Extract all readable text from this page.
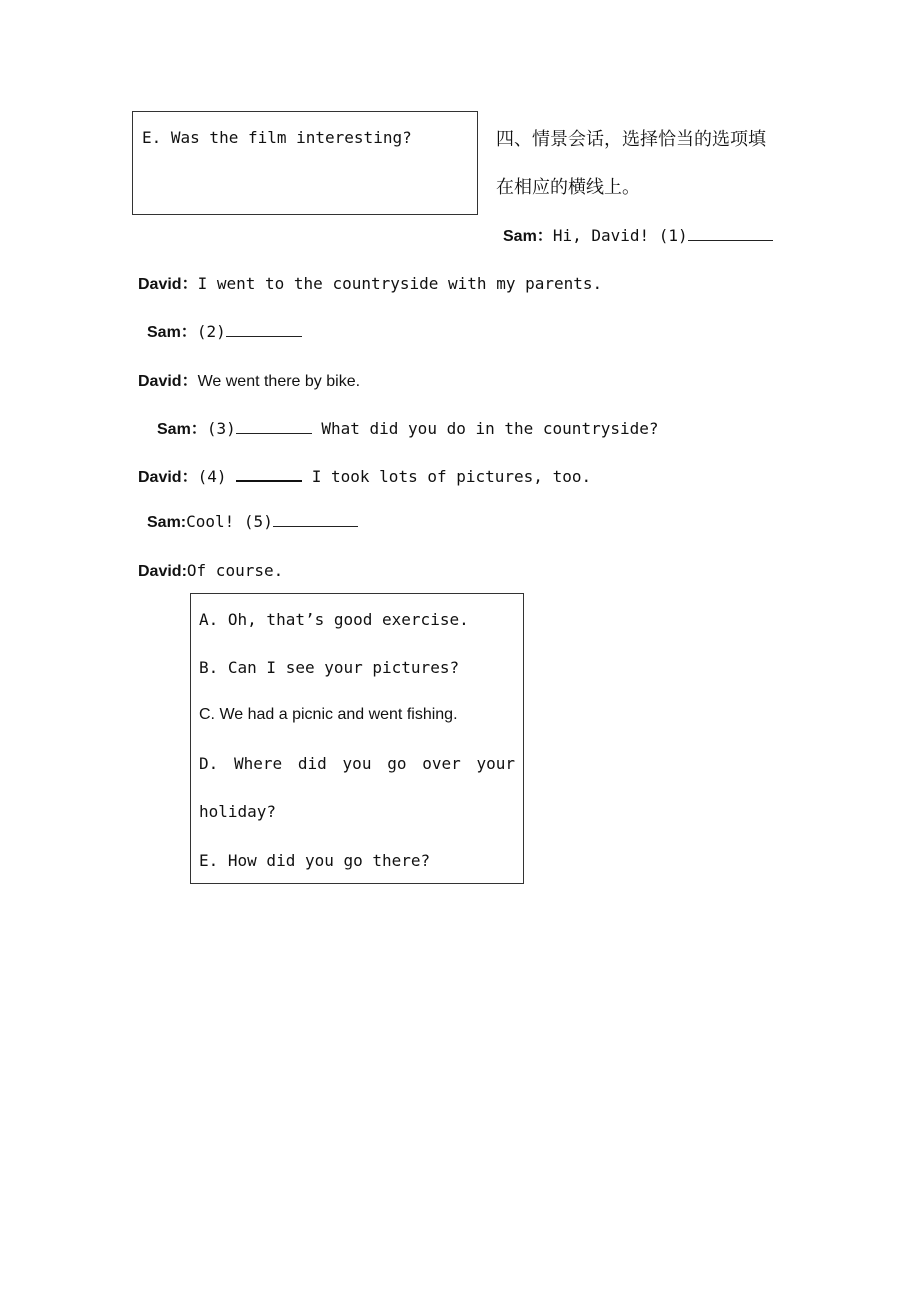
E. Was the film interesting?	四、情景会话，选择恰当的选项填
在相应的横线上。
Sam：Hi, David! (1)
David：I went to the countryside with my parents.
Sam：(2)
David：We went there by bike.
Sam：(3)	What did you do in the countryside?
David：(4)	I took lots of pictures, too.
Sam:Cool! (5)
David:Of course.
A. Oh, that’s good exercise.
B. Can I see your pictures?
C. We had a picnic and went fishing.
D. Where did you go over your
holiday?
E. How did you go there?
